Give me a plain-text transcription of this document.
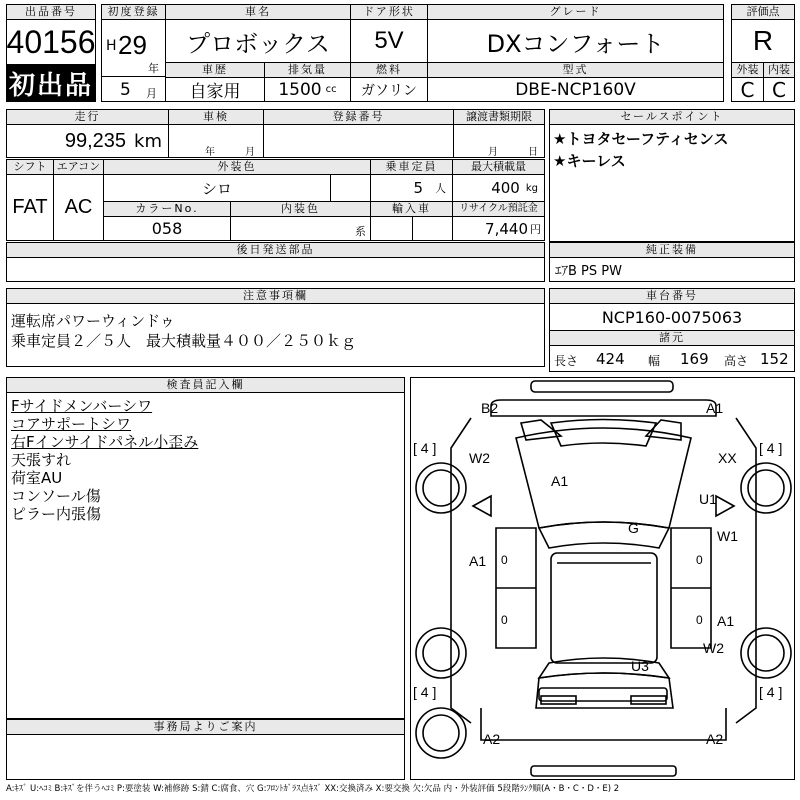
出品番号
40156
初出品
初度登録
H 29
年
5 月
車名
プロボックス
ドア形状
5V
グレード
DXコンフォート
車歴
自家用
排気量
1500 cc
燃料
ガソリン
型式
DBE-NCP160V
評価点
R
外装 内装
C C
走行
99,235 km
車検
年	月
登録番号	譲渡書類期限
月	日
シフト
FAT
エアコン
AC
外装色
シロ
乗車定員
5 人
最大積載量
400 kg
カラーNo.
058
内装色
系
輸入車	リサイクル預託金
7,440 円
後日発送部品
セールスポイント
★トヨタセーフティセンス
★キーレス
純正装備
ｴｱB PS PW
注意事項欄
運転席パワーウィンドゥ
乗車定員２／５人　最大積載量４００／２５０ｋｇ
車台番号
NCP160-0075063
諸元
長さ 424 幅 169 高さ 152
検査員記入欄
Fサイドメンバーシワ
コアサポートシワ
右Fインサイドパネル小歪み
天張すれ
荷室AU
コンソール傷
ピラー内張傷
事務局よりご案内
[ 4 ]	[ 4 ]
[ 4 ]	[ 4 ]
B2	A1
W2	XX
A1
U1
G	W1
A1
A1
W2
U3
A2	A2
0	0
0	0
A:ｷｽﾞ U:ﾍｺﾐ B:ｷｽﾞを伴うﾍｺﾐ P:要塗装 W:補修跡 S:錆 C:腐食、穴 G:ﾌﾛﾝﾄｶﾞﾗｽ点ｷｽﾞ XX:交換済み X:要交換 欠:欠品 内・外装評価 5段階ﾗﾝｸ順(A・B・C・D・E) 2
